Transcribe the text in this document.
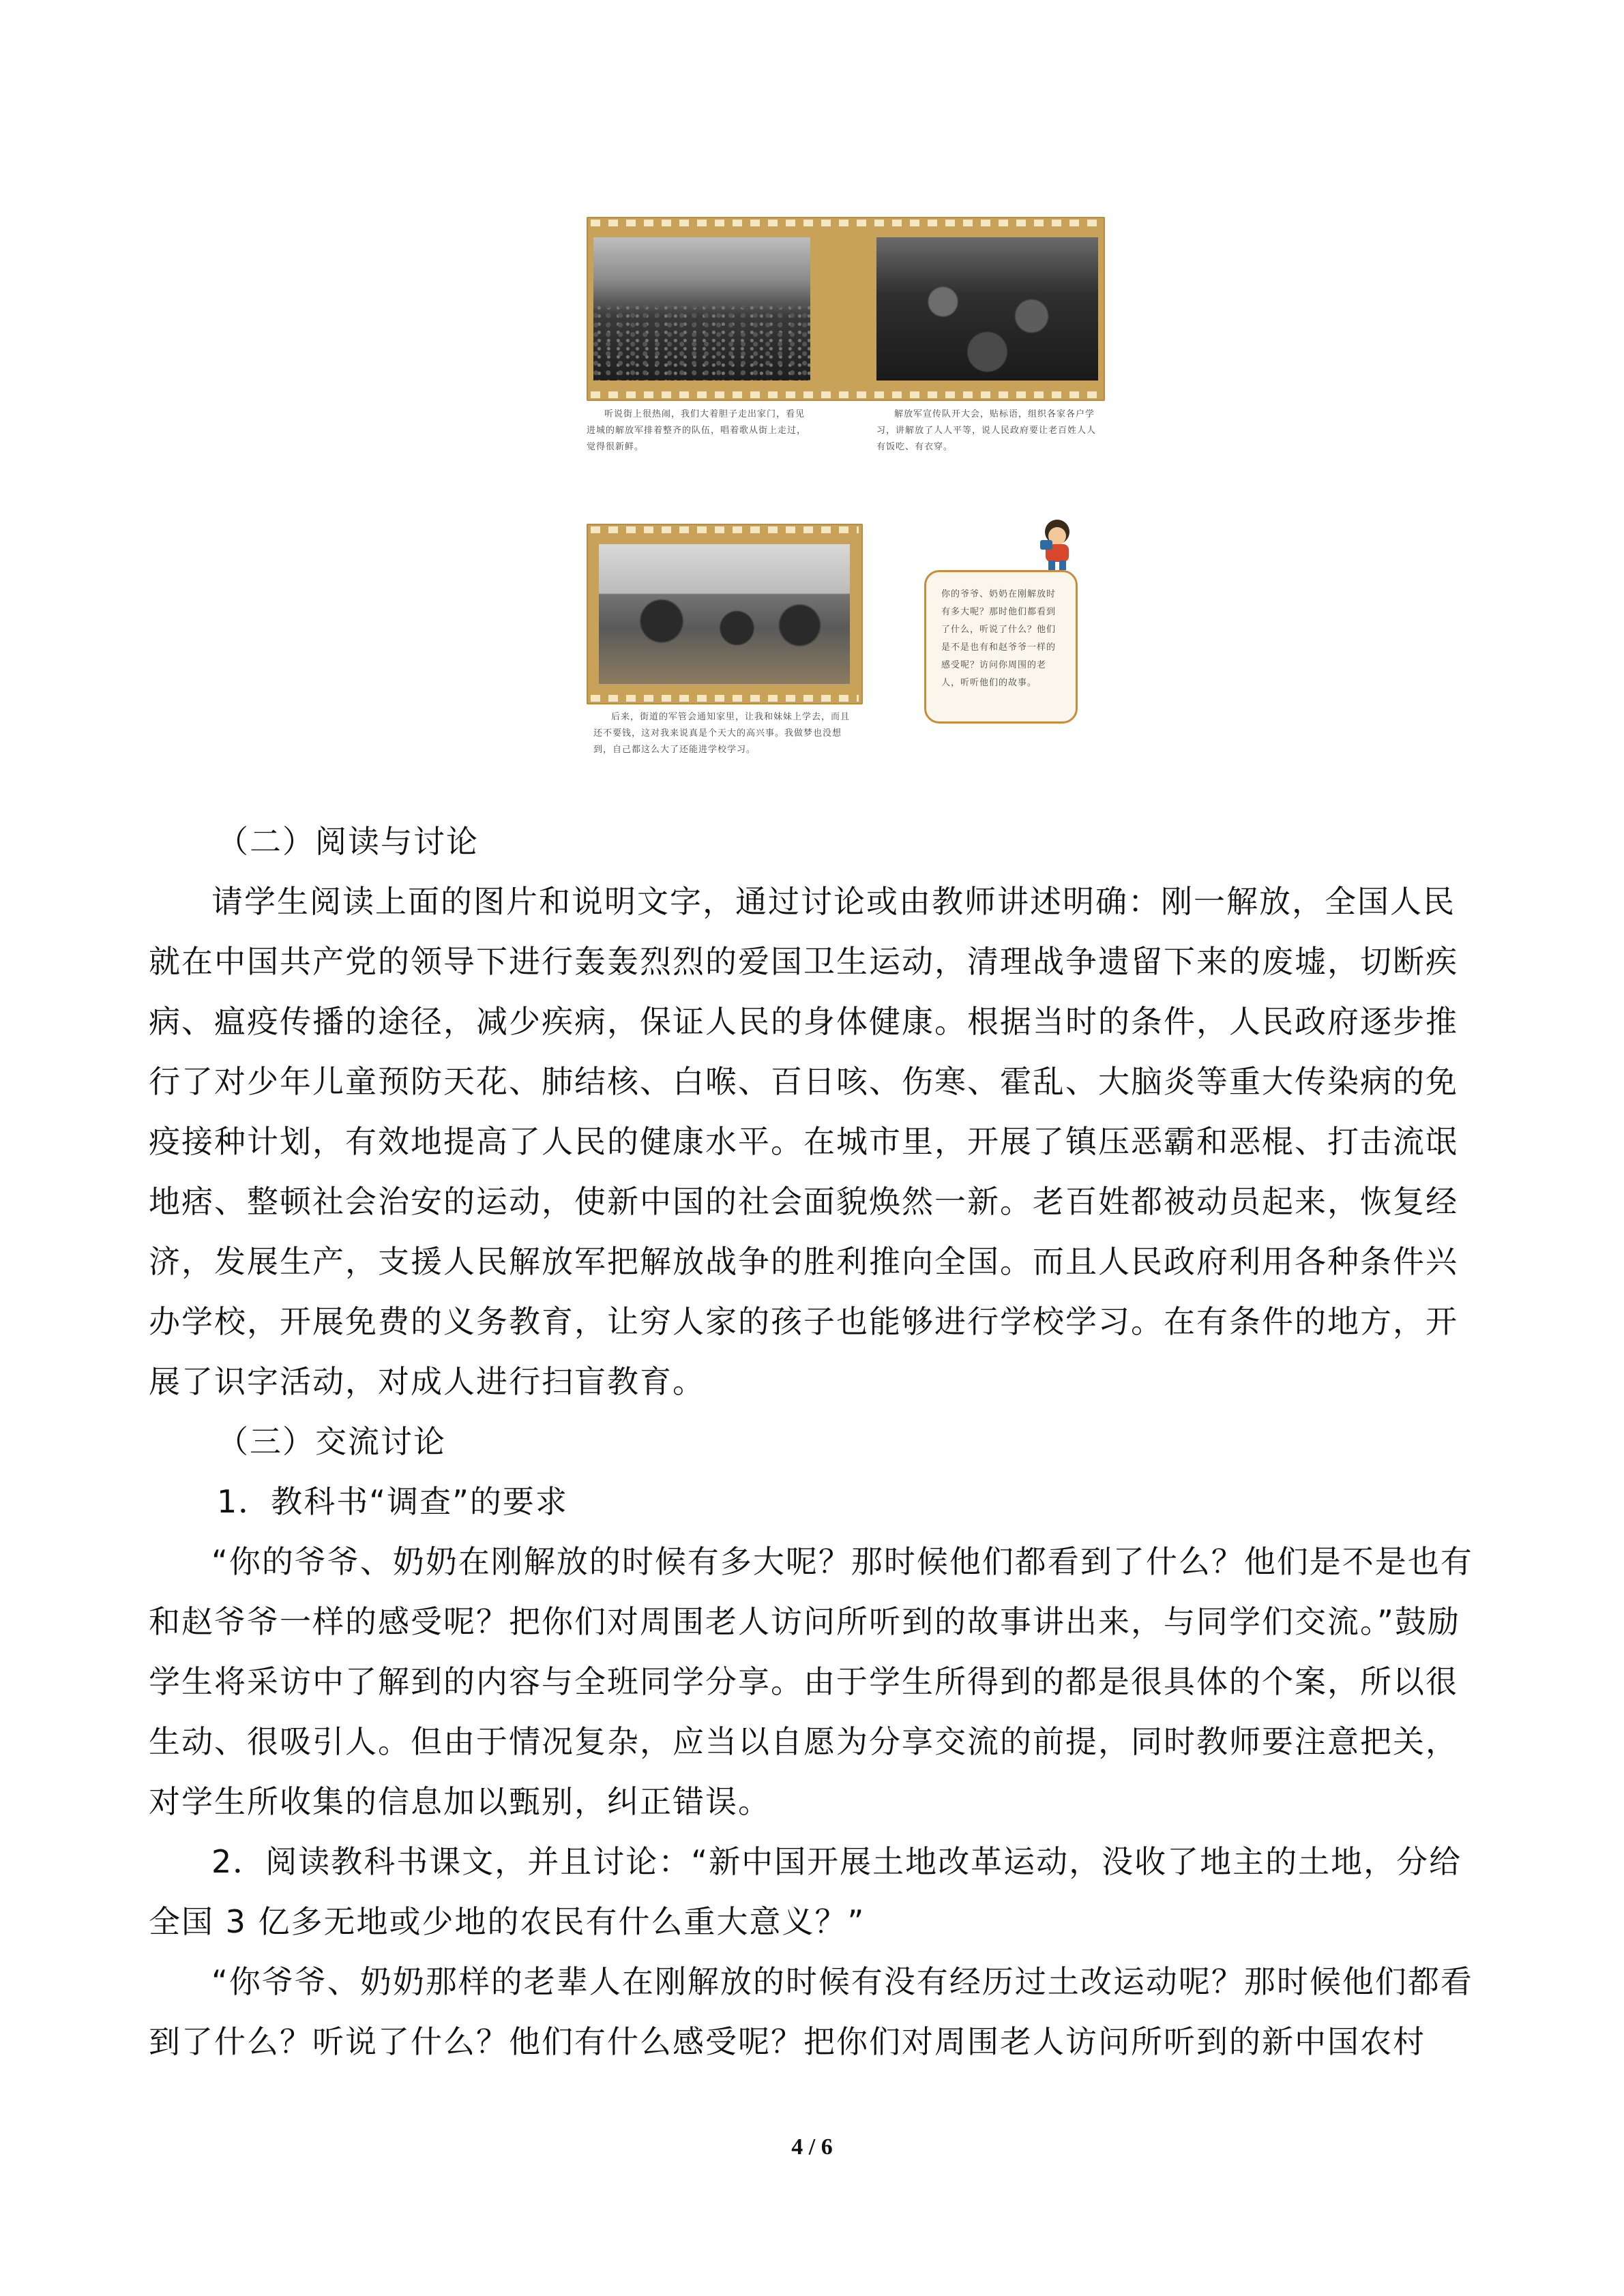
听说街上很热闹，我们大着胆子走出家门，看见进城的解放军排着整齐的队伍，唱着歌从街上走过，觉得很新鲜。
解放军宣传队开大会，贴标语，组织各家各户学习，讲解放了人人平等，说人民政府要让老百姓人人有饭吃、有衣穿。
后来，街道的军管会通知家里，让我和妹妹上学去，而且还不要钱，这对我来说真是个天大的高兴事。我做梦也没想到，自己都这么大了还能进学校学习。
你的爷爷、奶奶在刚解放时有多大呢？那时他们都看到了什么，听说了什么？他们是不是也有和赵爷爷一样的感受呢？访问你周围的老人，听听他们的故事。
（二）阅读与讨论
请学生阅读上面的图片和说明文字，通过讨论或由教师讲述明确：刚一解放，全国人民就在中国共产党的领导下进行轰轰烈烈的爱国卫生运动，清理战争遗留下来的废墟，切断疾病、瘟疫传播的途径，减少疾病，保证人民的身体健康。根据当时的条件，人民政府逐步推行了对少年儿童预防天花、肺结核、白喉、百日咳、伤寒、霍乱、大脑炎等重大传染病的免疫接种计划，有效地提高了人民的健康水平。在城市里，开展了镇压恶霸和恶棍、打击流氓地痞、整顿社会治安的运动，使新中国的社会面貌焕然一新。老百姓都被动员起来，恢复经济，发展生产，支援人民解放军把解放战争的胜利推向全国。而且人民政府利用各种条件兴办学校，开展免费的义务教育，让穷人家的孩子也能够进行学校学习。在有条件的地方，开展了识字活动，对成人进行扫盲教育。
（三）交流讨论
1．教科书“调查”的要求
“你的爷爷、奶奶在刚解放的时候有多大呢？那时候他们都看到了什么？他们是不是也有和赵爷爷一样的感受呢？把你们对周围老人访问所听到的故事讲出来，与同学们交流。”鼓励学生将采访中了解到的内容与全班同学分享。由于学生所得到的都是很具体的个案，所以很生动、很吸引人。但由于情况复杂，应当以自愿为分享交流的前提，同时教师要注意把关，对学生所收集的信息加以甄别，纠正错误。
2．阅读教科书课文，并且讨论：“新中国开展土地改革运动，没收了地主的土地，分给全国 3 亿多无地或少地的农民有什么重大意义？”
“你爷爷、奶奶那样的老辈人在刚解放的时候有没有经历过土改运动呢？那时候他们都看到了什么？听说了什么？他们有什么感受呢？把你们对周围老人访问所听到的新中国农村
4 / 6
